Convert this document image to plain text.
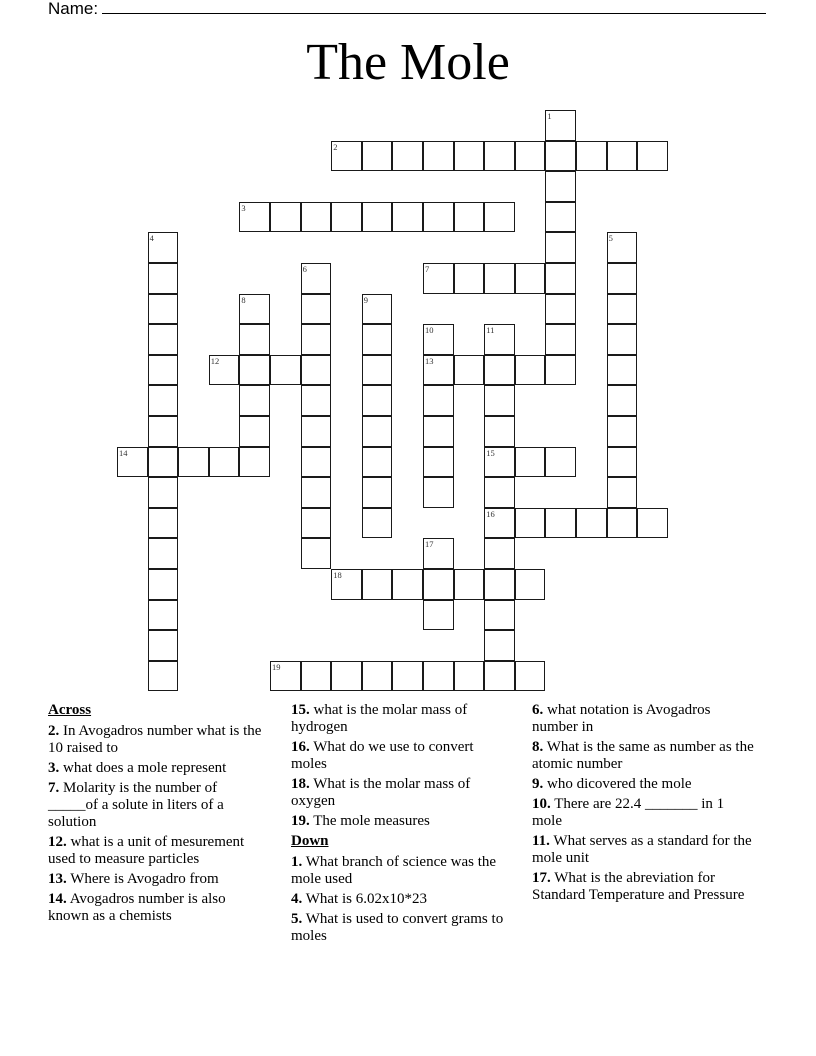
Name:
The Mole
1
2
3
4	5
6	7
8	9
10
13
11
15
16
12
14
17
18
19
Across
2. In Avogadros number what is the 10 raised to
3. what does a mole represent
7. Molarity is the number of _____of a solute in liters of a solution
12. what is a unit of mesurement used to measure particles
13. Where is Avogadro from
14. Avogadros number is also known as a chemists
15. what is the molar mass of hydrogen
16. What do we use to convert moles
18. What is the molar mass of oxygen
19. The mole measures
Down
1. What branch of science was the mole used
4. What is 6.02x10*23
5. What is used to convert grams to moles
6. what notation is Avogadros number in
8. What is the same as number as the atomic number
9. who dicovered the mole
10. There are 22.4 _______ in 1 mole
11. What serves as a standard for the mole unit
17. What is the abreviation for Standard Temperature and Pressure
